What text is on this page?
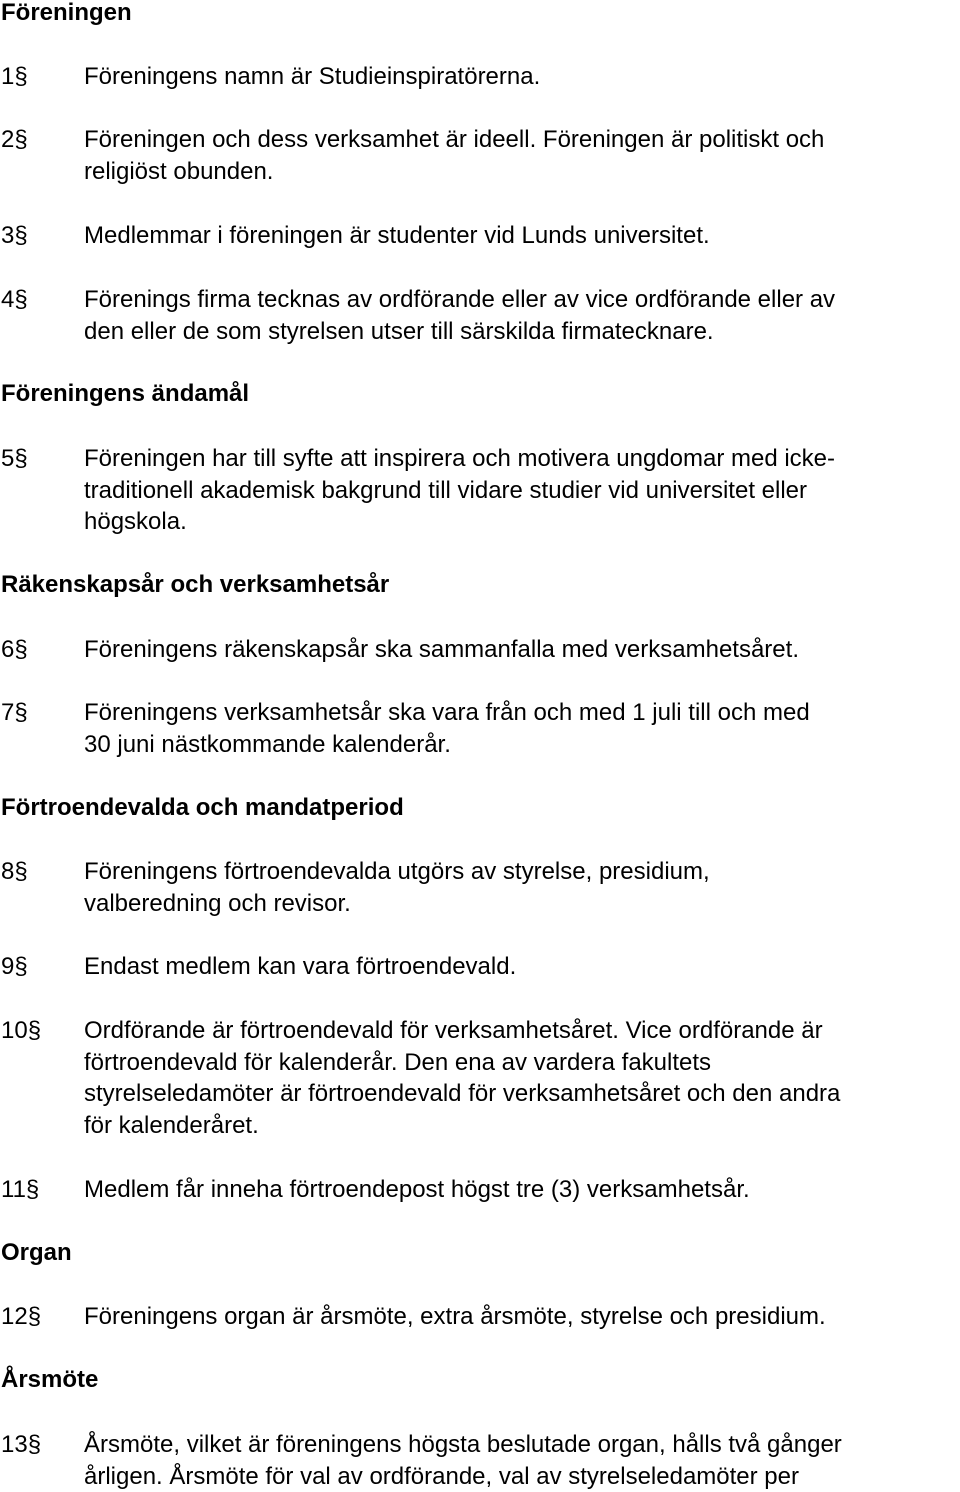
Föreningen
1§ Föreningens namn är Studieinspiratörerna.
2§ Föreningen och dess verksamhet är ideell. Föreningen är politiskt och
religiöst obunden.
3§ Medlemmar i föreningen är studenter vid Lunds universitet.
4§ Förenings firma tecknas av ordförande eller av vice ordförande eller av
den eller de som styrelsen utser till särskilda firmatecknare.
Föreningens ändamål
5§ Föreningen har till syfte att inspirera och motivera ungdomar med icke-
traditionell akademisk bakgrund till vidare studier vid universitet eller
högskola.
Räkenskapsår och verksamhetsår
6§ Föreningens räkenskapsår ska sammanfalla med verksamhetsåret.
7§ Föreningens verksamhetsår ska vara från och med 1 juli till och med
30 juni nästkommande kalenderår.
Förtroendevalda och mandatperiod
8§ Föreningens förtroendevalda utgörs av styrelse, presidium,
valberedning och revisor.
9§ Endast medlem kan vara förtroendevald.
10§ Ordförande är förtroendevald för verksamhetsåret. Vice ordförande är
förtroendevald för kalenderår. Den ena av vardera fakultets
styrelseledamöter är förtroendevald för verksamhetsåret och den andra
för kalenderåret.
11§ Medlem får inneha förtroendepost högst tre (3) verksamhetsår.
Organ
12§ Föreningens organ är årsmöte, extra årsmöte, styrelse och presidium.
Årsmöte
13§ Årsmöte, vilket är föreningens högsta beslutade organ, hålls två gånger
årligen. Årsmöte för val av ordförande, val av styrelseledamöter per
